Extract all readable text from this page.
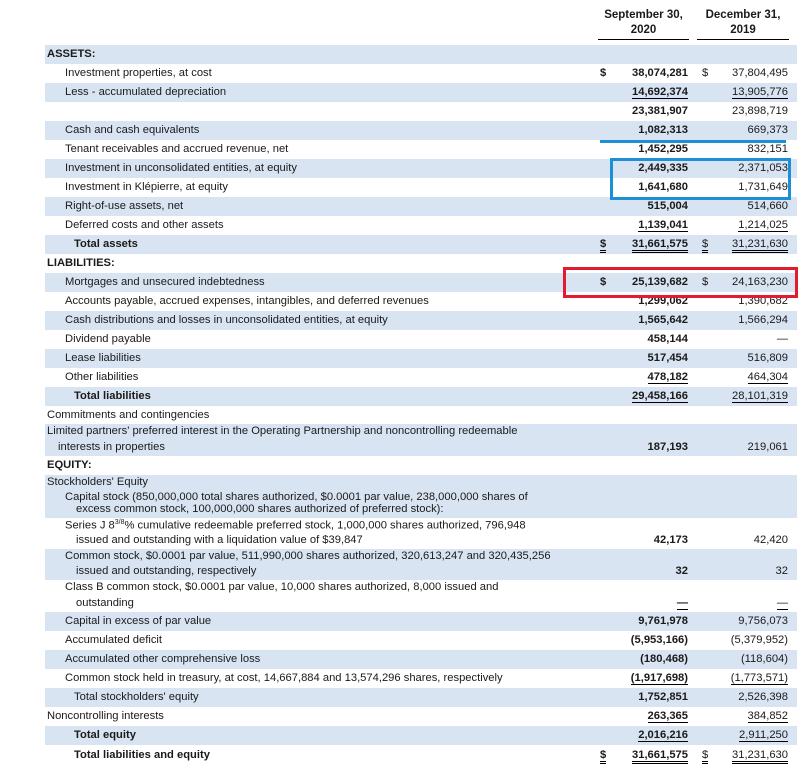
September 30,

2020
December 31,

2019
ASSETS:
Investment properties, at cost	38,074,281	37,804,495
$	$
Less - accumulated depreciation	14,692,374	13,905,776
23,381,907	23,898,719
Cash and cash equivalents	1,082,313	669,373
Tenant receivables and accrued revenue, net	1,452,295	832,151
Investment in unconsolidated entities, at equity	2,449,335	2,371,053
Investment in Klépierre, at equity	1,641,680	1,731,649
Right-of-use assets, net	515,004	514,660
Deferred costs and other assets	1,139,041	1,214,025
Total assets	31,661,575	31,231,630
$	$
LIABILITIES:
Mortgages and unsecured indebtedness	25,139,682	24,163,230
$	$
Accounts payable, accrued expenses, intangibles, and deferred revenues	1,299,062	1,390,682
Cash distributions and losses in unconsolidated entities, at equity	1,565,642	1,566,294
Dividend payable	458,144	—
Lease liabilities	517,454	516,809
Other liabilities	478,182	464,304
Total liabilities	29,458,166	28,101,319
Commitments and contingencies
Limited partners' preferred interest in the Operating Partnership and noncontrolling redeemable
interests in properties	187,193	219,061
EQUITY:
Stockholders' Equity
Capital stock (850,000,000 total shares authorized, $0.0001 par value, 238,000,000 shares of
excess common stock, 100,000,000 shares authorized of preferred stock):
Series J $8^{3/8}\%$ cumulative redeemable preferred stock, 1,000,000 shares authorized, 796,948
issued and outstanding with a liquidation value of $39,847	42,173	42,420
Common stock, $0.0001 par value, 511,990,000 shares authorized, 320,613,247 and 320,435,256
issued and outstanding, respectively	32	32
Class B common stock, $0.0001 par value, 10,000 shares authorized, 8,000 issued and
outstanding	—	—
Capital in excess of par value	9,761,978	9,756,073
Accumulated deficit	(5,953,166)	(5,379,952)
Accumulated other comprehensive loss	(180,468)	(118,604)
Common stock held in treasury, at cost, 14,667,884 and 13,574,296 shares, respectively	(1,917,698)	(1,773,571)
Total stockholders' equity	1,752,851	2,526,398
Noncontrolling interests	263,365	384,852
Total equity	2,016,216	2,911,250
Total liabilities and equity	31,661,575	31,231,630
$	$
